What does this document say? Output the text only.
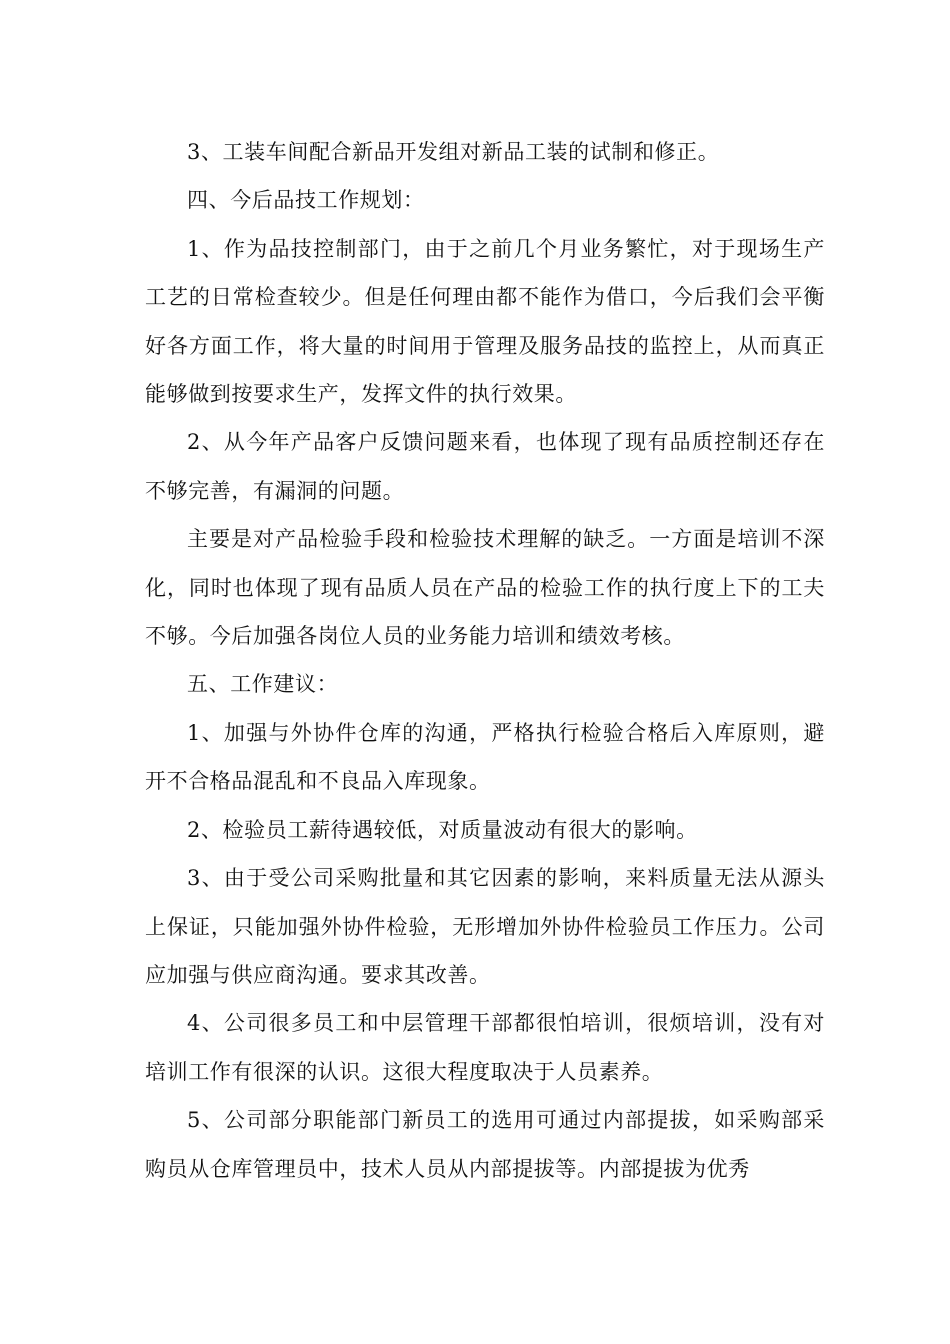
3、工装车间配合新品开发组对新品工装的试制和修正。

四、今后品技工作规划：

1、作为品技控制部门，由于之前几个月业务繁忙，对于现场生产工艺的日常检查较少。但是任何理由都不能作为借口，今后我们会平衡好各方面工作，将大量的时间用于管理及服务品技的监控上，从而真正能够做到按要求生产，发挥文件的执行效果。

2、从今年产品客户反馈问题来看，也体现了现有品质控制还存在不够完善，有漏洞的问题。

主要是对产品检验手段和检验技术理解的缺乏。一方面是培训不深化，同时也体现了现有品质人员在产品的检验工作的执行度上下的工夫不够。今后加强各岗位人员的业务能力培训和绩效考核。

五、工作建议：

1、加强与外协件仓库的沟通，严格执行检验合格后入库原则，避开不合格品混乱和不良品入库现象。

2、检验员工薪待遇较低，对质量波动有很大的影响。

3、由于受公司采购批量和其它因素的影响，来料质量无法从源头上保证，只能加强外协件检验，无形增加外协件检验员工作压力。公司应加强与供应商沟通。要求其改善。

4、公司很多员工和中层管理干部都很怕培训，很烦培训，没有对培训工作有很深的认识。这很大程度取决于人员素养。

5、公司部分职能部门新员工的选用可通过内部提拔，如采购部采购员从仓库管理员中，技术人员从内部提拔等。内部提拔为优秀
